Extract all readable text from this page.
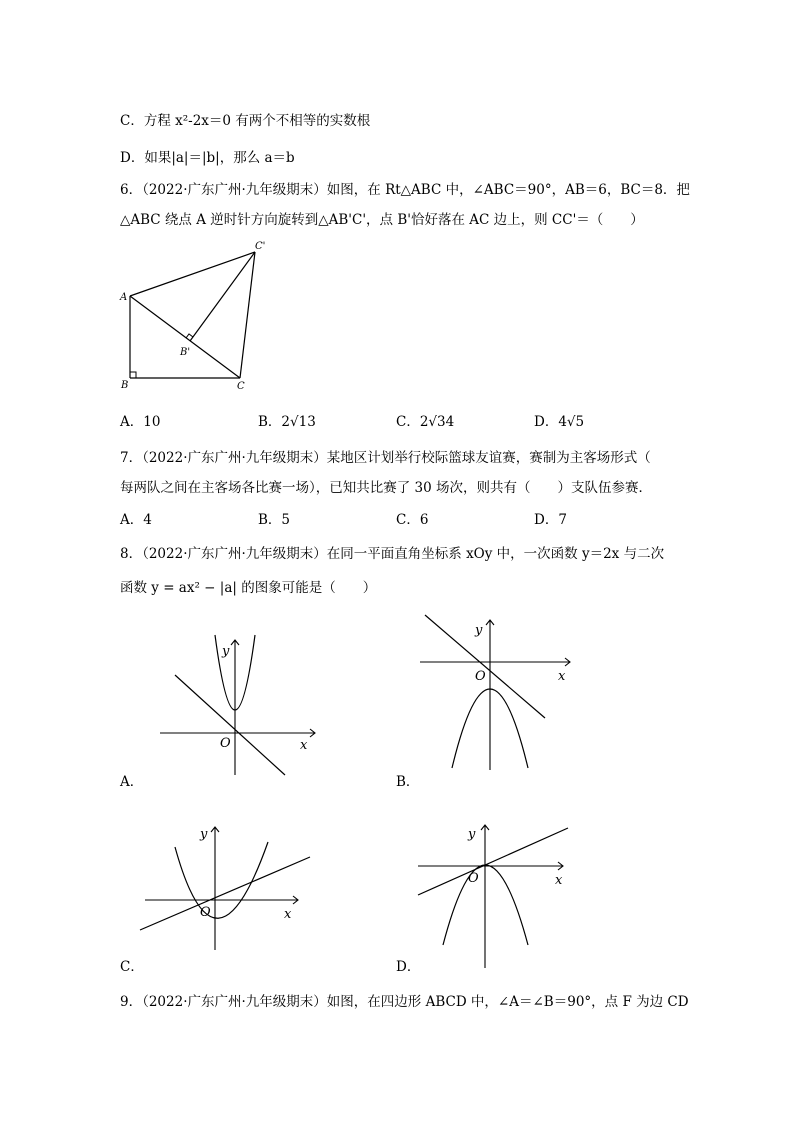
C．方程 x²-2x＝0 有两个不相等的实数根
D．如果|a|＝|b|，那么 a＝b
6．（2022·广东广州·九年级期末）如图，在 Rt△ABC 中，∠ABC＝90°，AB＝6，BC＝8．把
△ABC 绕点 A 逆时针方向旋转到△AB'C'，点 B'恰好落在 AC 边上，则 CC'＝（　　）
A
B	C
B'
C'
A．10	B．2√13	C．2√34	D．4√5
7．（2022·广东广州·九年级期末）某地区计划举行校际篮球友谊赛，赛制为主客场形式（
每两队之间在主客场各比赛一场），已知共比赛了 30 场次，则共有（　　）支队伍参赛．
A．4	B．5	C．6	D．7
8．（2022·广东广州·九年级期末）在同一平面直角坐标系 xOy 中，一次函数 y＝2x 与二次
函数 y = ax² − |a| 的图象可能是（　　）
y
x
O
A．
y
x
O
B．
y
x
O
C．
y
x
O
D．
9．（2022·广东广州·九年级期末）如图，在四边形 ABCD 中，∠A＝∠B＝90°，点 F 为边 CD
